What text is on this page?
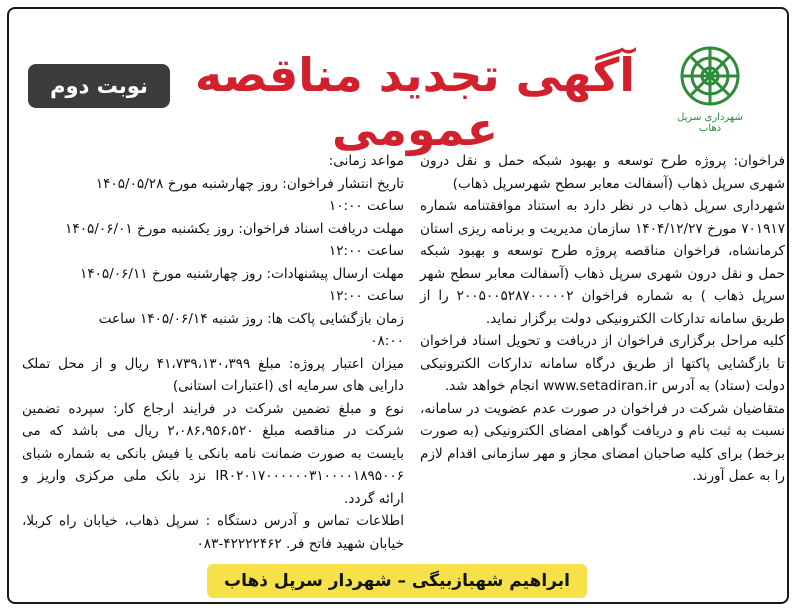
شهرداری سرپل ذهاب
آگهی تجدید مناقصه عمومی
نوبت دوم

فراخوان: پروژه طرح توسعه و بهبود شبکه حمل و نقل درون شهری سرپل ذهاب (آسفالت معابر سطح شهرسرپل ذهاب)

شهرداری سرپل ذهاب در نظر دارد به استناد موافقتنامه شماره ۷۰۱۹۱۷ مورخ ۱۴۰۴/۱۲/۲۷ سازمان مدیریت و برنامه ریزی استان کرمانشاه، فراخوان مناقصه پروژه طرح توسعه و بهبود شبکه حمل و نقل درون شهری سرپل ذهاب (آسفالت معابر سطح شهر سرپل ذهاب ) به شماره فراخوان ۲۰۰۵۰۰۵۲۸۷۰۰۰۰۰۲ را از طریق سامانه تدارکات الکترونیکی دولت برگزار نماید.

کلیه مراحل برگزاری فراخوان از دریافت و تحویل اسناد فراخوان تا بازگشایی پاکتها از طریق درگاه سامانه تدارکات الکترونیکی دولت (ستاد) به آدرس www.setadiran.ir انجام خواهد شد.

متقاضیان شرکت در فراخوان در صورت عدم عضویت در سامانه، نسبت به ثبت نام و دریافت گواهی امضای الکترونیکی (به صورت برخط) برای کلیه صاحبان امضای مجاز و مهر سازمانی اقدام لازم را به عمل آورند.

مواعد زمانی:

تاریخ انتشار فراخوان: روز چهارشنبه مورخ ۱۴۰۵/۰۵/۲۸

ساعت ۱۰:۰۰

مهلت دریافت اسناد فراخوان: روز یکشنبه مورخ ۱۴۰۵/۰۶/۰۱

ساعت ۱۲:۰۰

مهلت ارسال پیشنهادات: روز چهارشنبه مورخ ۱۴۰۵/۰۶/۱۱

ساعت ۱۲:۰۰

زمان بازگشایی پاکت ها: روز شنبه ۱۴۰۵/۰۶/۱۴ ساعت

۰۸:۰۰

میزان اعتبار پروژه: مبلغ ۴۱،۷۳۹،۱۳۰،۳۹۹ ریال و از محل تملک دارایی های سرمایه ای (اعتبارات استانی)

نوع و مبلغ تضمین شرکت در فرایند ارجاع کار: سپرده تضمین شرکت در مناقصه مبلغ ۲،۰۸۶،۹۵۶،۵۲۰ ریال می باشد که می بایست به صورت ضمانت نامه بانکی یا فیش بانکی به شماره شبای IR۰۲۰۱۷۰۰۰۰۰۰۳۱۰۰۰۰۱۸۹۵۰۰۶ نزد بانک ملی مرکزی واریز و ارائه گردد.

اطلاعات تماس و آدرس دستگاه : سرپل ذهاب، خیابان راه کربلا، خیابان شهید فاتح فر. ۴۲۲۲۲۴۶۲-۰۸۳

ابراهیم شهبازبیگی – شهردار سرپل ذهاب
